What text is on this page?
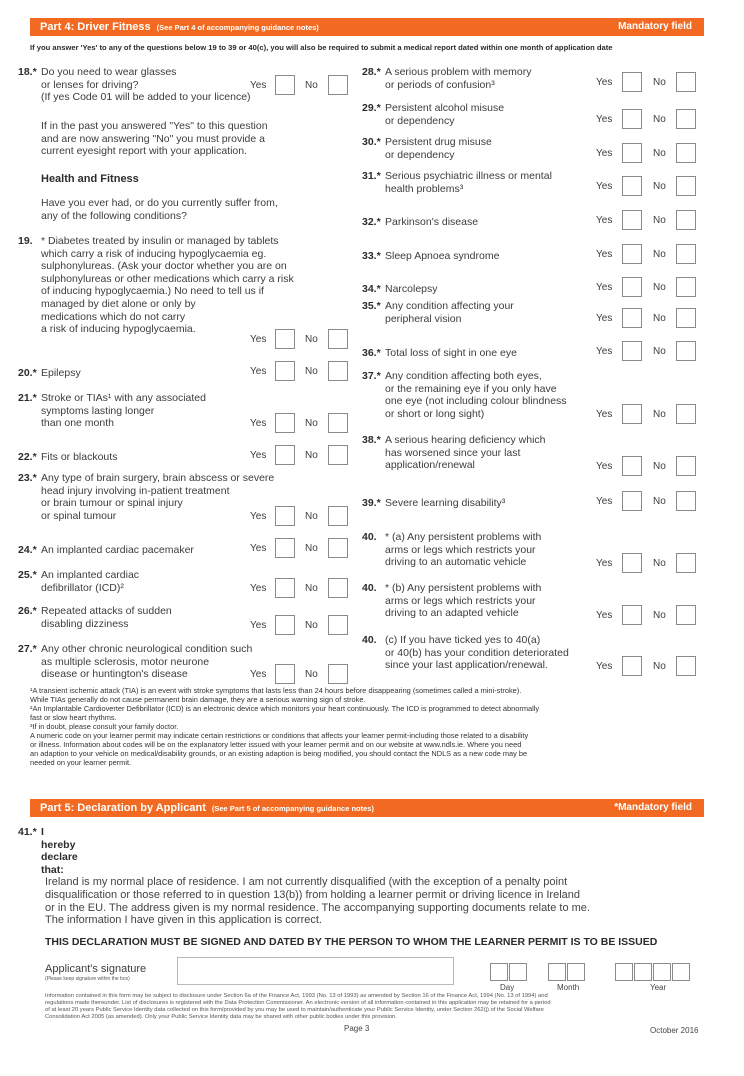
Part 4: Driver Fitness (See Part 4 of accompanying guidance notes)	Mandatory field
If you answer 'Yes' to any of the questions below 19 to 39 or 40(c), you will also be required to submit a medical report dated within one month of application date
18.* Do you need to wear glasses
or lenses for driving?
(If yes Code 01 will be added to your licence)
Yes	No
If in the past you answered "Yes" to this question
and are now answering "No" you must provide a
current eyesight report with your application.
Health and Fitness
Have you ever had, or do you currently suffer from,
any of the following conditions?
19. * Diabetes treated by insulin or managed by tablets
which carry a risk of inducing hypoglycaemia eg.
sulphonylureas. (Ask your doctor whether you are on
sulphonylureas or other medications which carry a risk
of inducing hypoglycaemia.) No need to tell us if
managed by diet alone or only by
medications which do not carry
a risk of inducing hypoglycaemia.
Yes	No
20.* Epilepsy	Yes	No
21.* Stroke or TIAs¹ with any associated
symptoms lasting longer
than one month	Yes	No
22.* Fits or blackouts	Yes	No
23.* Any type of brain surgery, brain abscess or severe
head injury involving in-patient treatment
or brain tumour or spinal injury
or spinal tumour	Yes	No
24.* An implanted cardiac pacemaker	Yes	No
25.* An implanted cardiac
defibrillator (ICD)²	Yes	No
26.* Repeated attacks of sudden
disabling dizziness	Yes	No
27.* Any other chronic neurological condition such
as multiple sclerosis, motor neurone
disease or huntington's disease	Yes	No
28.* A serious problem with memory
or periods of confusion³	Yes	No
29.* Persistent alcohol misuse
or dependency	Yes	No
30.* Persistent drug misuse
or dependency	Yes	No
31.* Serious psychiatric illness or mental
health problems³	Yes	No
32.* Parkinson's disease	Yes	No
33.* Sleep Apnoea syndrome	Yes	No
34.* Narcolepsy	Yes	No
35.* Any condition affecting your
peripheral vision	Yes	No
36.* Total loss of sight in one eye	Yes	No
37.* Any condition affecting both eyes,
or the remaining eye if you only have
one eye (not including colour blindness
or short or long sight)	Yes	No
38.* A serious hearing deficiency which
has worsened since your last
application/renewal	Yes	No
39.* Severe learning disability³	Yes	No
40. * (a) Any persistent problems with
arms or legs which restricts your
driving to an automatic vehicle	Yes	No
40. * (b) Any persistent problems with
arms or legs which restricts your
driving to an adapted vehicle	Yes	No
40. (c) If you have ticked yes to 40(a)
or 40(b) has your condition deteriorated
since your last application/renewal.	Yes	No
¹A transient ischemic attack (TIA) is an event with stroke symptoms that lasts less than 24 hours before disappearing (sometimes called a mini-stroke).
While TIAs generally do not cause permanent brain damage, they are a serious warning sign of stroke.
²An Implantable Cardioverter Defibrillator (ICD) is an electronic device which monitors your heart continuously. The ICD is programmed to detect abnormally
fast or slow heart rhythms.
³If in doubt, please consult your family doctor.
A numeric code on your learner permit may indicate certain restrictions or conditions that affects your learner permit-including those related to a disability
or illness. Information about codes will be on the explanatory letter issued with your learner permit and on our website at www.ndls.ie. Where you need
an adaption to your vehicle on medical/disability grounds, or an existing adaption is being modified, you should contact the NDLS as a new code may be
needed on your learner permit.
Part 5: Declaration by Applicant (See Part 5 of accompanying guidance notes)	*Mandatory field
41.* I hereby declare that:
Ireland is my normal place of residence. I am not currently disqualified (with the exception of a penalty point
disqualification or those referred to in question 13(b)) from holding a learner permit or driving licence in Ireland
or in the EU. The address given is my normal residence. The accompanying supporting documents relate to me.
The information I have given in this application is correct.
THIS DECLARATION MUST BE SIGNED AND DATED BY THE PERSON TO WHOM THE LEARNER PERMIT IS TO BE ISSUED
Applicant's signature
(Please keep signature within the box)
Day	Month	Year
Information contained in this form may be subject to disclosure under Section 6a of the Finance Act, 1993 (No. 13 of 1993) as amended by Section 16 of the Finance Act, 1994 (No. 13 of 1994) and
regulations made thereunder. List of disclosures is registered with the Data Protection Commissioner. An electronic version of all information contained in this application may be retained for a period
of at least 20 years Public Service Identity data collected on this form/provided by you may be used to maintain/authenticate your Public Service Identity, under Section 262(j) of the Social Welfare
Consolidation Act 2005 (as amended). Only your Public Service Identity data may be shared with other public bodies under this provision.
Page 3	October 2016
